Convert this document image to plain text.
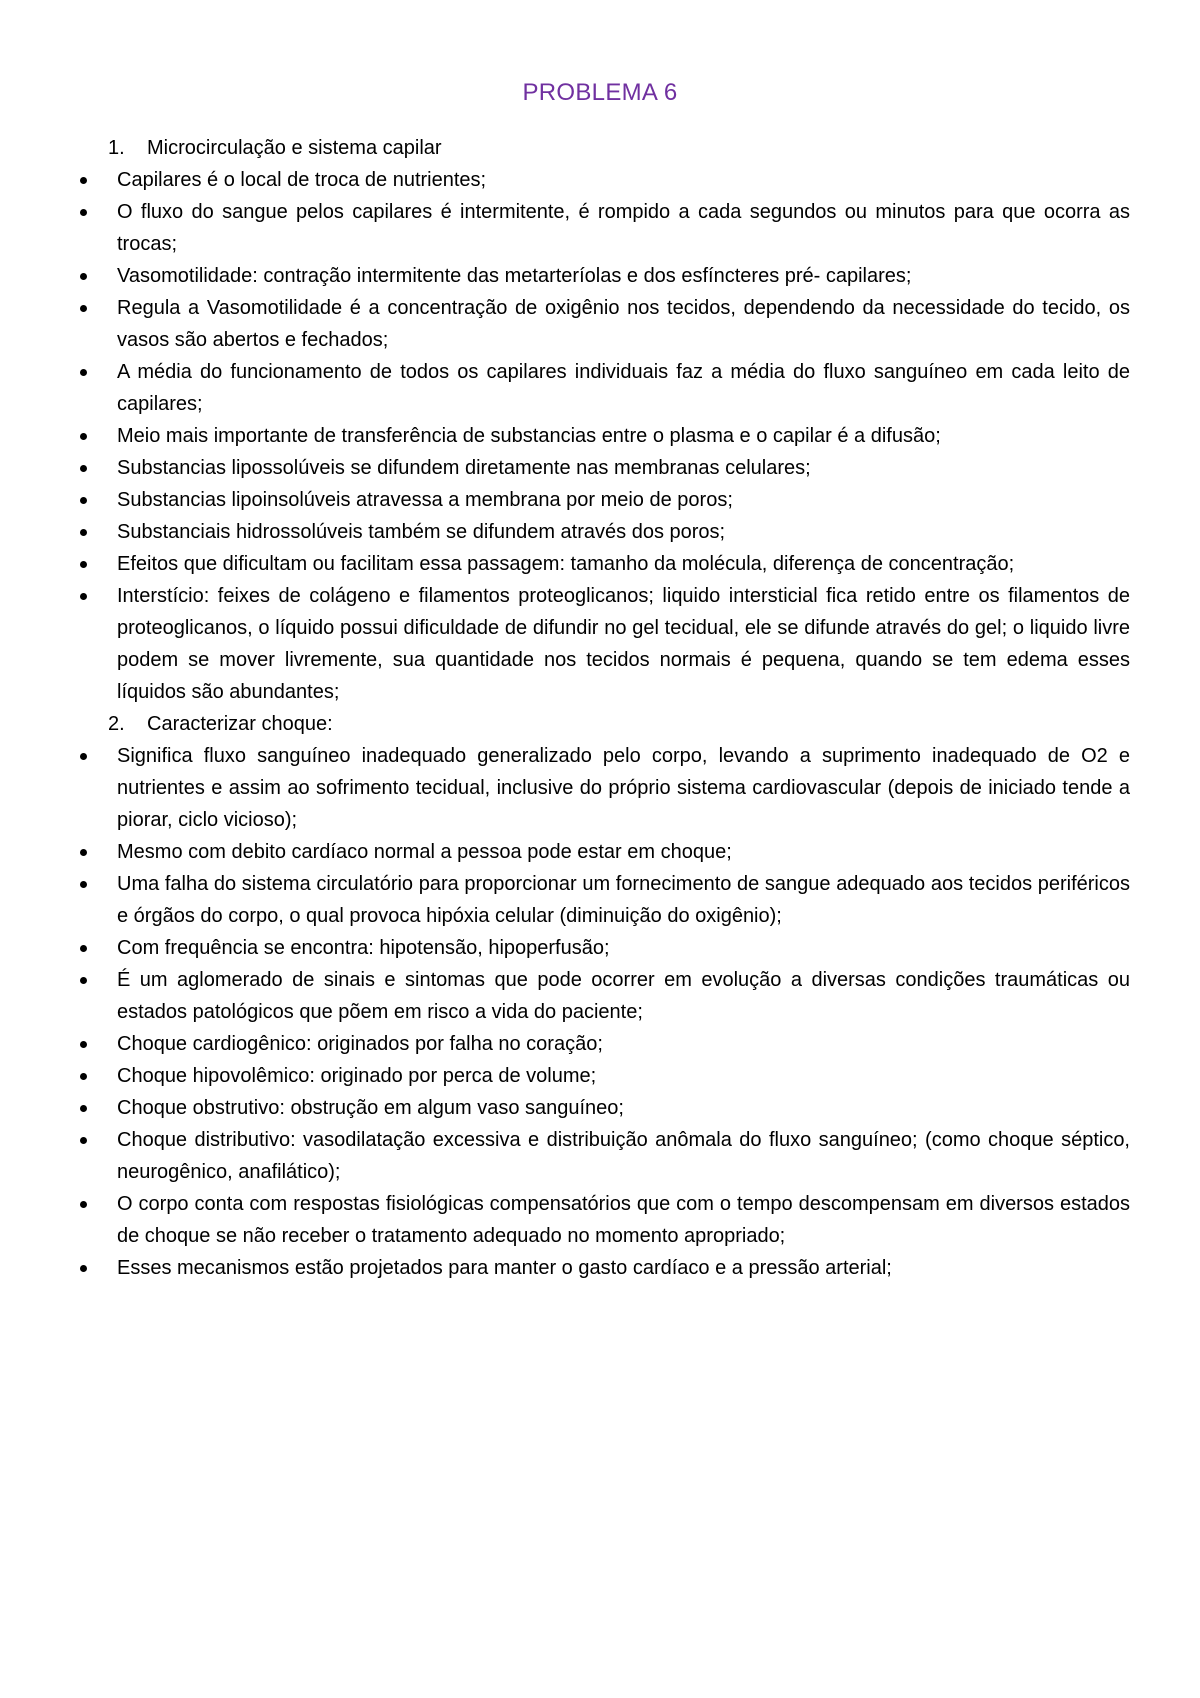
PROBLEMA 6
1. Microcirculação e sistema capilar
Capilares é o local de troca de nutrientes;
O fluxo do sangue pelos capilares é intermitente, é rompido a cada segundos ou minutos para que ocorra as trocas;
Vasomotilidade: contração intermitente das metarteríolas e dos esfíncteres pré- capilares;
Regula a Vasomotilidade é a concentração de oxigênio nos tecidos, dependendo da necessidade do tecido, os vasos são abertos e fechados;
A média do funcionamento de todos os capilares individuais faz a média do fluxo sanguíneo em cada leito de capilares;
Meio mais importante de transferência de substancias entre o plasma e o capilar é a difusão;
Substancias lipossolúveis se difundem diretamente nas membranas celulares;
Substancias lipoinsolúveis atravessa a membrana por meio de poros;
Substanciais hidrossolúveis também se difundem através dos poros;
Efeitos que dificultam ou facilitam essa passagem: tamanho da molécula, diferença de concentração;
Interstício: feixes de colágeno e filamentos proteoglicanos; liquido intersticial fica retido entre os filamentos de proteoglicanos, o líquido possui dificuldade de difundir no gel tecidual, ele se difunde através do gel; o liquido livre podem se mover livremente, sua quantidade nos tecidos normais é pequena, quando se tem edema esses líquidos são abundantes;
2. Caracterizar choque:
Significa fluxo sanguíneo inadequado generalizado pelo corpo, levando a suprimento inadequado de O2 e nutrientes e assim ao sofrimento tecidual, inclusive do próprio sistema cardiovascular (depois de iniciado tende a piorar, ciclo vicioso);
Mesmo com debito cardíaco normal a pessoa pode estar em choque;
Uma falha do sistema circulatório para proporcionar um fornecimento de sangue adequado aos tecidos periféricos e órgãos do corpo, o qual provoca hipóxia celular (diminuição do oxigênio);
Com frequência se encontra: hipotensão, hipoperfusão;
É um aglomerado de sinais e sintomas que pode ocorrer em evolução a diversas condições traumáticas ou estados patológicos que põem em risco a vida do paciente;
Choque cardiogênico: originados por falha no coração;
Choque hipovolêmico: originado por perca de volume;
Choque obstrutivo: obstrução em algum vaso sanguíneo;
Choque distributivo: vasodilatação excessiva e distribuição anômala do fluxo sanguíneo; (como choque séptico, neurogênico, anafilático);
O corpo conta com respostas fisiológicas compensatórios que com o tempo descompensam em diversos estados de choque se não receber o tratamento adequado no momento apropriado;
Esses mecanismos estão projetados para manter o gasto cardíaco e a pressão arterial;
